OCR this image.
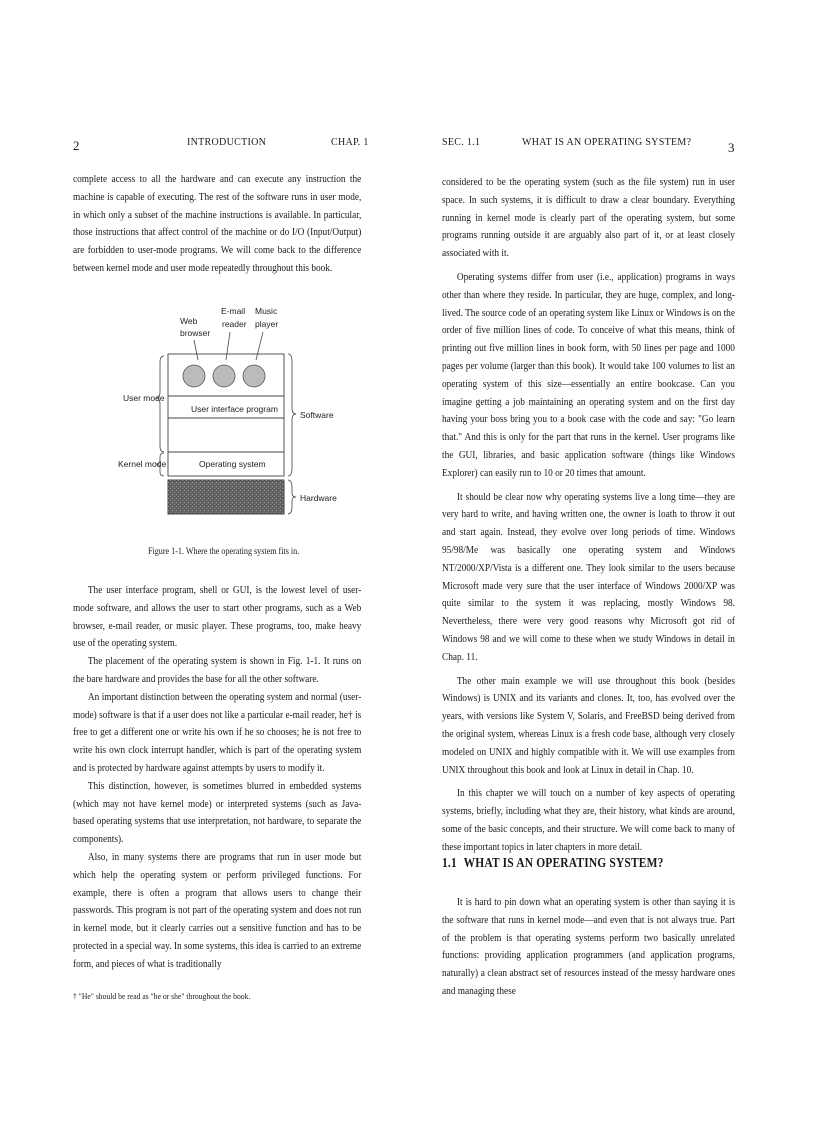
2	INTRODUCTION	CHAP. 1

complete access to all the hardware and can execute any instruction the machine is capable of executing. The rest of the software runs in user mode, in which only a subset of the machine instructions is available. In particular, those instructions that affect control of the machine or do I/O (Input/Output) are forbidden to user-mode programs. We will come back to the difference between kernel mode and user mode repeatedly throughout this book.

Web
browser
E-mail
reader
Music
player
User interface program
Operating system
User mode
Kernel mode
Software
Hardware
Figure 1-1. Where the operating system fits in.

The user interface program, shell or GUI, is the lowest level of user-mode software, and allows the user to start other programs, such as a Web browser, e-mail reader, or music player. These programs, too, make heavy use of the operating system.

The placement of the operating system is shown in Fig. 1-1. It runs on the bare hardware and provides the base for all the other software.

An important distinction between the operating system and normal (user-mode) software is that if a user does not like a particular e-mail reader, he† is free to get a different one or write his own if he so chooses; he is not free to write his own clock interrupt handler, which is part of the operating system and is protected by hardware against attempts by users to modify it.

This distinction, however, is sometimes blurred in embedded systems (which may not have kernel mode) or interpreted systems (such as Java-based operating systems that use interpretation, not hardware, to separate the components).

Also, in many systems there are programs that run in user mode but which help the operating system or perform privileged functions. For example, there is often a program that allows users to change their passwords. This program is not part of the operating system and does not run in kernel mode, but it clearly carries out a sensitive function and has to be protected in a special way. In some systems, this idea is carried to an extreme form, and pieces of what is traditionally

† "He" should be read as "he or she" throughout the book.
SEC. 1.1	WHAT IS AN OPERATING SYSTEM?	3

considered to be the operating system (such as the file system) run in user space. In such systems, it is difficult to draw a clear boundary. Everything running in kernel mode is clearly part of the operating system, but some programs running outside it are arguably also part of it, or at least closely associated with it.

Operating systems differ from user (i.e., application) programs in ways other than where they reside. In particular, they are huge, complex, and long-lived. The source code of an operating system like Linux or Windows is on the order of five million lines of code. To conceive of what this means, think of printing out five million lines in book form, with 50 lines per page and 1000 pages per volume (larger than this book). It would take 100 volumes to list an operating system of this size—essentially an entire bookcase. Can you imagine getting a job maintaining an operating system and on the first day having your boss bring you to a book case with the code and say: "Go learn that." And this is only for the part that runs in the kernel. User programs like the GUI, libraries, and basic application software (things like Windows Explorer) can easily run to 10 or 20 times that amount.

It should be clear now why operating systems live a long time—they are very hard to write, and having written one, the owner is loath to throw it out and start again. Instead, they evolve over long periods of time. Windows 95/98/Me was basically one operating system and Windows NT/2000/XP/Vista is a different one. They look similar to the users because Microsoft made very sure that the user interface of Windows 2000/XP was quite similar to the system it was replacing, mostly Windows 98. Nevertheless, there were very good reasons why Microsoft got rid of Windows 98 and we will come to these when we study Windows in detail in Chap. 11.

The other main example we will use throughout this book (besides Windows) is UNIX and its variants and clones. It, too, has evolved over the years, with versions like System V, Solaris, and FreeBSD being derived from the original system, whereas Linux is a fresh code base, although very closely modeled on UNIX and highly compatible with it. We will use examples from UNIX throughout this book and look at Linux in detail in Chap. 10.

In this chapter we will touch on a number of key aspects of operating systems, briefly, including what they are, their history, what kinds are around, some of the basic concepts, and their structure. We will come back to many of these important topics in later chapters in more detail.

1.1 WHAT IS AN OPERATING SYSTEM?

It is hard to pin down what an operating system is other than saying it is the software that runs in kernel mode—and even that is not always true. Part of the problem is that operating systems perform two basically unrelated functions: providing application programmers (and application programs, naturally) a clean abstract set of resources instead of the messy hardware ones and managing these
